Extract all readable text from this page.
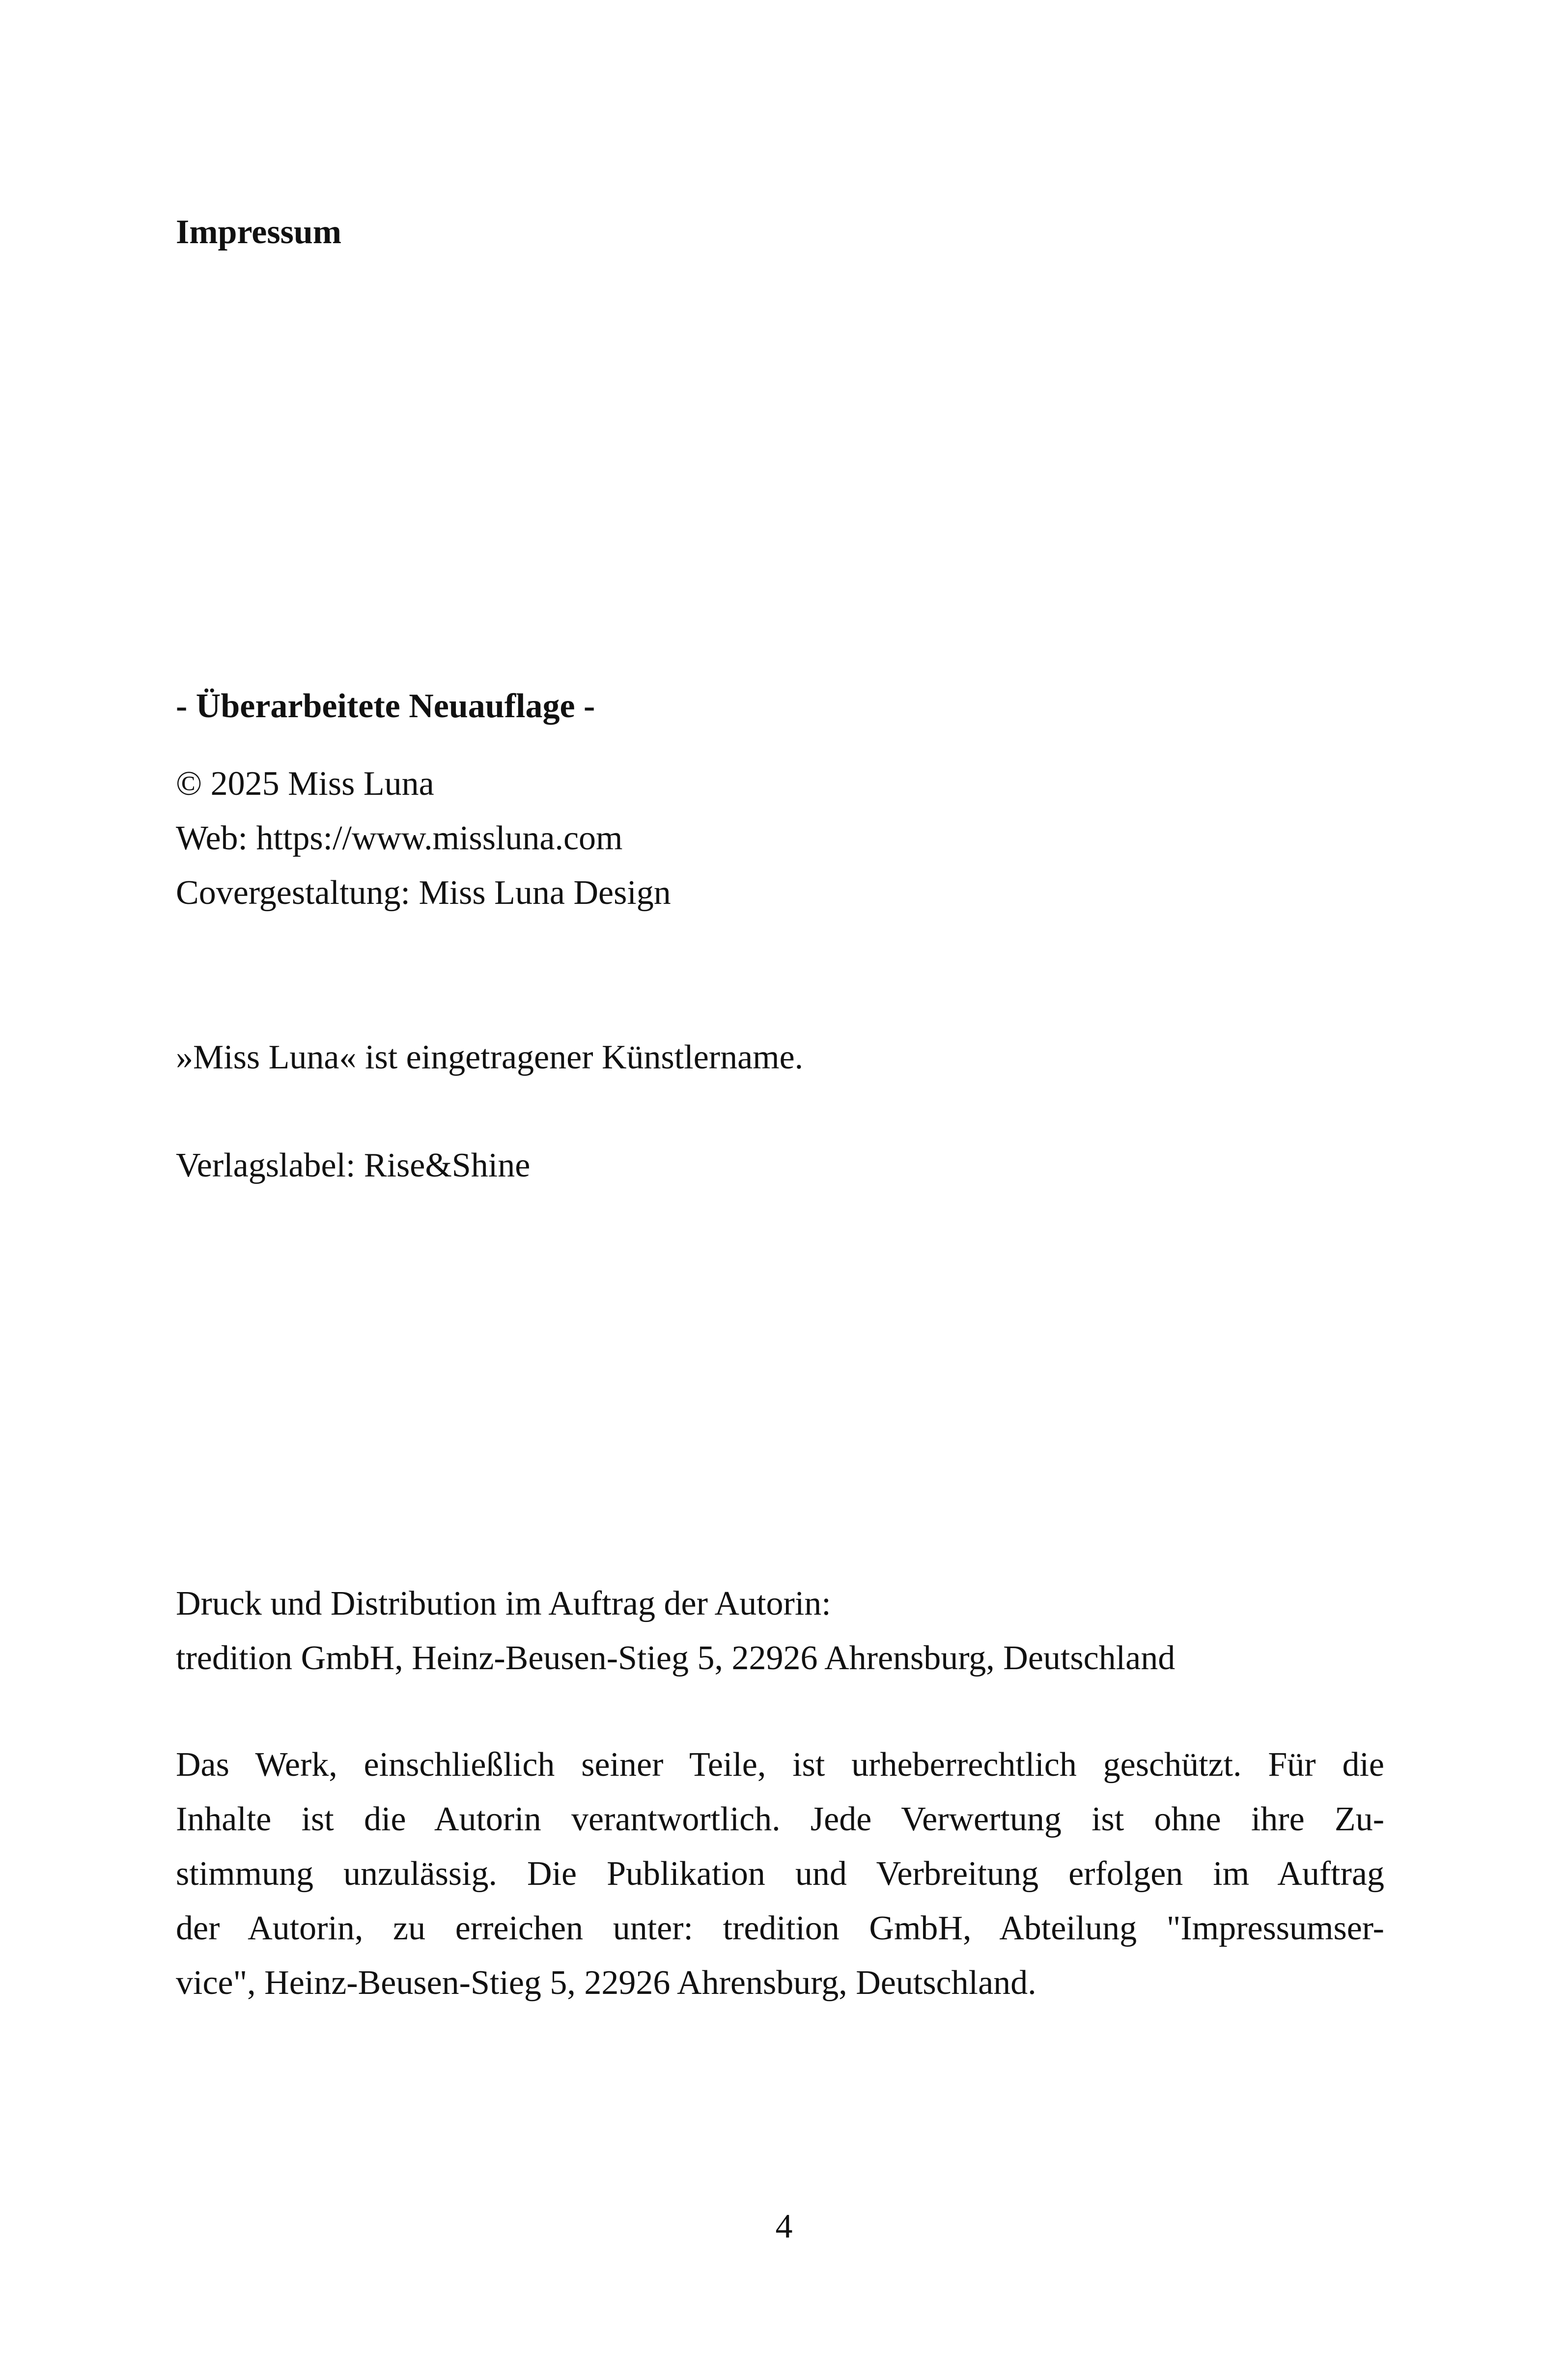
Impressum
- Überarbeitete Neuauflage -
© 2025 Miss Luna
Web: https://www.missluna.com
Covergestaltung: Miss Luna Design
»Miss Luna« ist eingetragener Künstlername.
Verlagslabel: Rise&Shine
Druck und Distribution im Auftrag der Autorin:
tredition GmbH, Heinz-Beusen-Stieg 5, 22926 Ahrensburg, Deutschland
Das Werk, einschließlich seiner Teile, ist urheberrechtlich geschützt. Für die
Inhalte ist die Autorin verantwortlich. Jede Verwertung ist ohne ihre Zu-
stimmung unzulässig. Die Publikation und Verbreitung erfolgen im Auftrag
der Autorin, zu erreichen unter: tredition GmbH, Abteilung "Impressumser-
vice", Heinz-Beusen-Stieg 5, 22926 Ahrensburg, Deutschland.
4
